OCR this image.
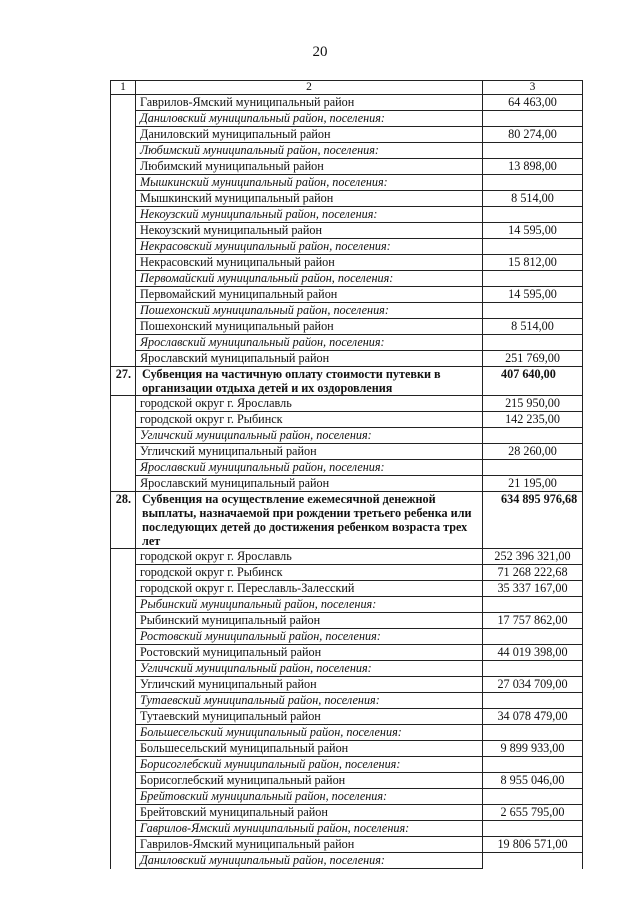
20
1	2	3
	Гаврилов-Ямский муниципальный район	64 463,00
	Даниловский муниципальный район, поселения:	
	Даниловский муниципальный район	80 274,00
	Любимский муниципальный район, поселения:	
	Любимский муниципальный район	13 898,00
	Мышкинский муниципальный район, поселения:	
	Мышкинский муниципальный район	8 514,00
	Некоузский муниципальный район, поселения:	
	Некоузский муниципальный район	14 595,00
	Некрасовский муниципальный район, поселения:	
	Некрасовский муниципальный район	15 812,00
	Первомайский муниципальный район, поселения:	
	Первомайский муниципальный район	14 595,00
	Пошехонский муниципальный район, поселения:	
	Пошехонский муниципальный район	8 514,00
	Ярославский муниципальный район, поселения:	
	Ярославский муниципальный район	251 769,00
27.	Субвенция на частичную оплату стоимости путевки в организации отдыха детей и их оздоровления	407 640,00
	городской округ г. Ярославль	215 950,00
	городской округ г. Рыбинск	142 235,00
	Угличский муниципальный район, поселения:	
	Угличский муниципальный район	28 260,00
	Ярославский муниципальный район, поселения:	
	Ярославский муниципальный район	21 195,00
28.	Субвенция на осуществление ежемесячной денежной выплаты, назначаемой при рождении третьего ребенка или последующих детей до достижения ребенком возраста трех лет	634 895 976,68
	городской округ г. Ярославль	252 396 321,00
	городской округ г. Рыбинск	71 268 222,68
	городской округ г. Переславль-Залесский	35 337 167,00
	Рыбинский муниципальный район, поселения:	
	Рыбинский муниципальный район	17 757 862,00
	Ростовский муниципальный район, поселения:	
	Ростовский муниципальный район	44 019 398,00
	Угличский муниципальный район, поселения:	
	Угличский муниципальный район	27 034 709,00
	Тутаевский муниципальный район, поселения:	
	Тутаевский муниципальный район	34 078 479,00
	Большесельский муниципальный район, поселения:	
	Большесельский муниципальный район	9 899 933,00
	Борисоглебский муниципальный район, поселения:	
	Борисоглебский муниципальный район	8 955 046,00
	Брейтовский муниципальный район, поселения:	
	Брейтовский муниципальный район	2 655 795,00
	Гаврилов-Ямский муниципальный район, поселения:	
	Гаврилов-Ямский муниципальный район	19 806 571,00
	Даниловский муниципальный район, поселения:	
